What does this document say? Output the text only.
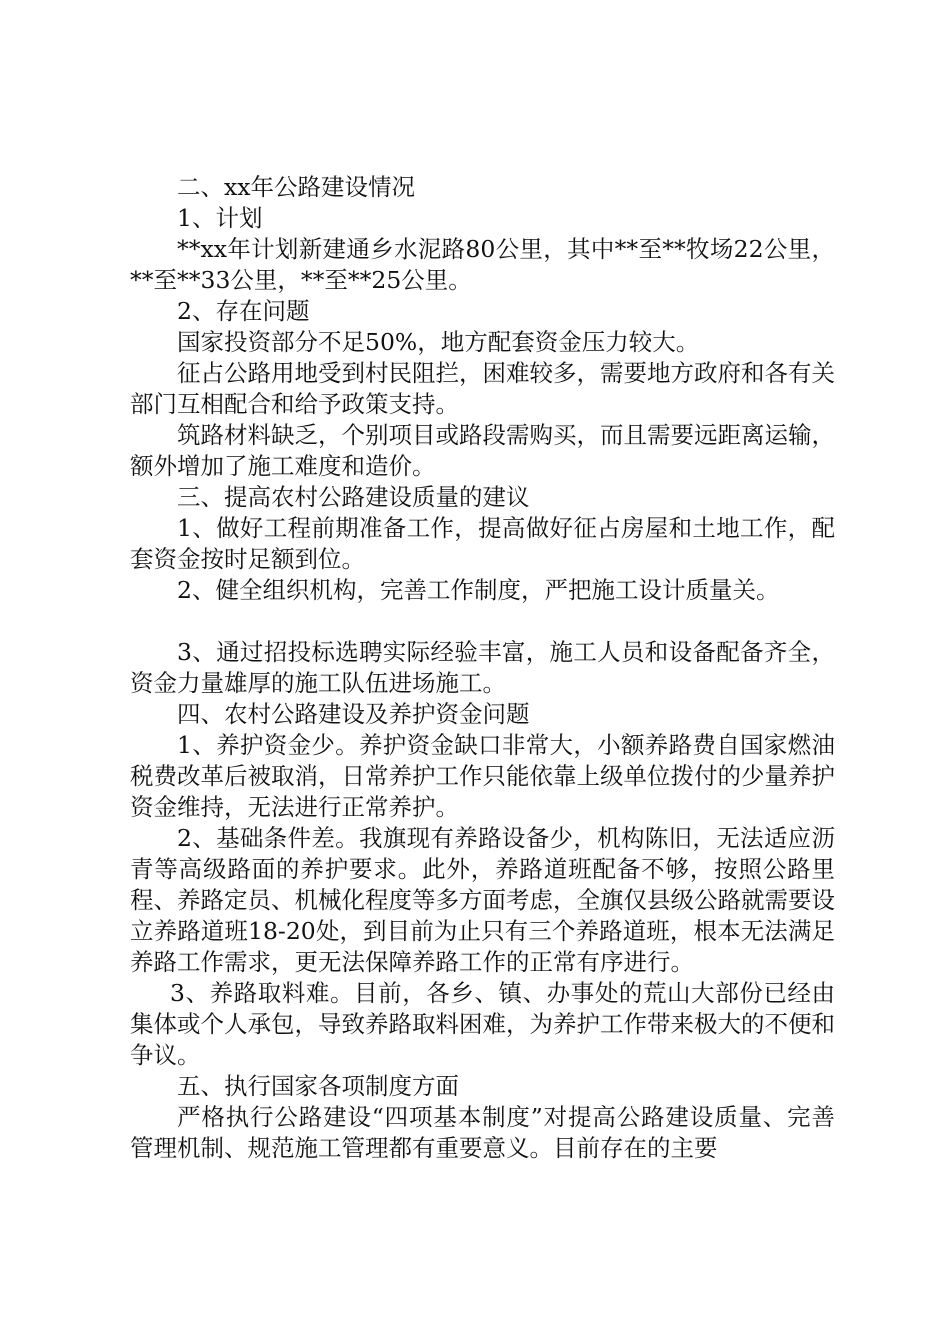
二、xx年公路建设情况

1、计划

**xx年计划新建通乡水泥路80公里，其中**至**牧场22公里，**至**33公里，**至**25公里。

2、存在问题

国家投资部分不足50%，地方配套资金压力较大。

征占公路用地受到村民阻拦，困难较多，需要地方政府和各有关部门互相配合和给予政策支持。

筑路材料缺乏，个别项目或路段需购买，而且需要远距离运输，额外增加了施工难度和造价。

三、提高农村公路建设质量的建议

1、做好工程前期准备工作，提高做好征占房屋和土地工作，配套资金按时足额到位。

2、健全组织机构，完善工作制度，严把施工设计质量关。

3、通过招投标选聘实际经验丰富，施工人员和设备配备齐全，资金力量雄厚的施工队伍进场施工。

四、农村公路建设及养护资金问题

1、养护资金少。养护资金缺口非常大，小额养路费自国家燃油税费改革后被取消，日常养护工作只能依靠上级单位拨付的少量养护资金维持，无法进行正常养护。

2、基础条件差。我旗现有养路设备少，机构陈旧，无法适应沥青等高级路面的养护要求。此外，养路道班配备不够，按照公路里程、养路定员、机械化程度等多方面考虑，全旗仅县级公路就需要设立养路道班18-20处，到目前为止只有三个养路道班，根本无法满足养路工作需求，更无法保障养路工作的正常有序进行。

3、养路取料难。目前，各乡、镇、办事处的荒山大部份已经由集体或个人承包，导致养路取料困难，为养护工作带来极大的不便和争议。

五、执行国家各项制度方面

严格执行公路建设“四项基本制度”对提高公路建设质量、完善管理机制、规范施工管理都有重要意义。目前存在的主要
